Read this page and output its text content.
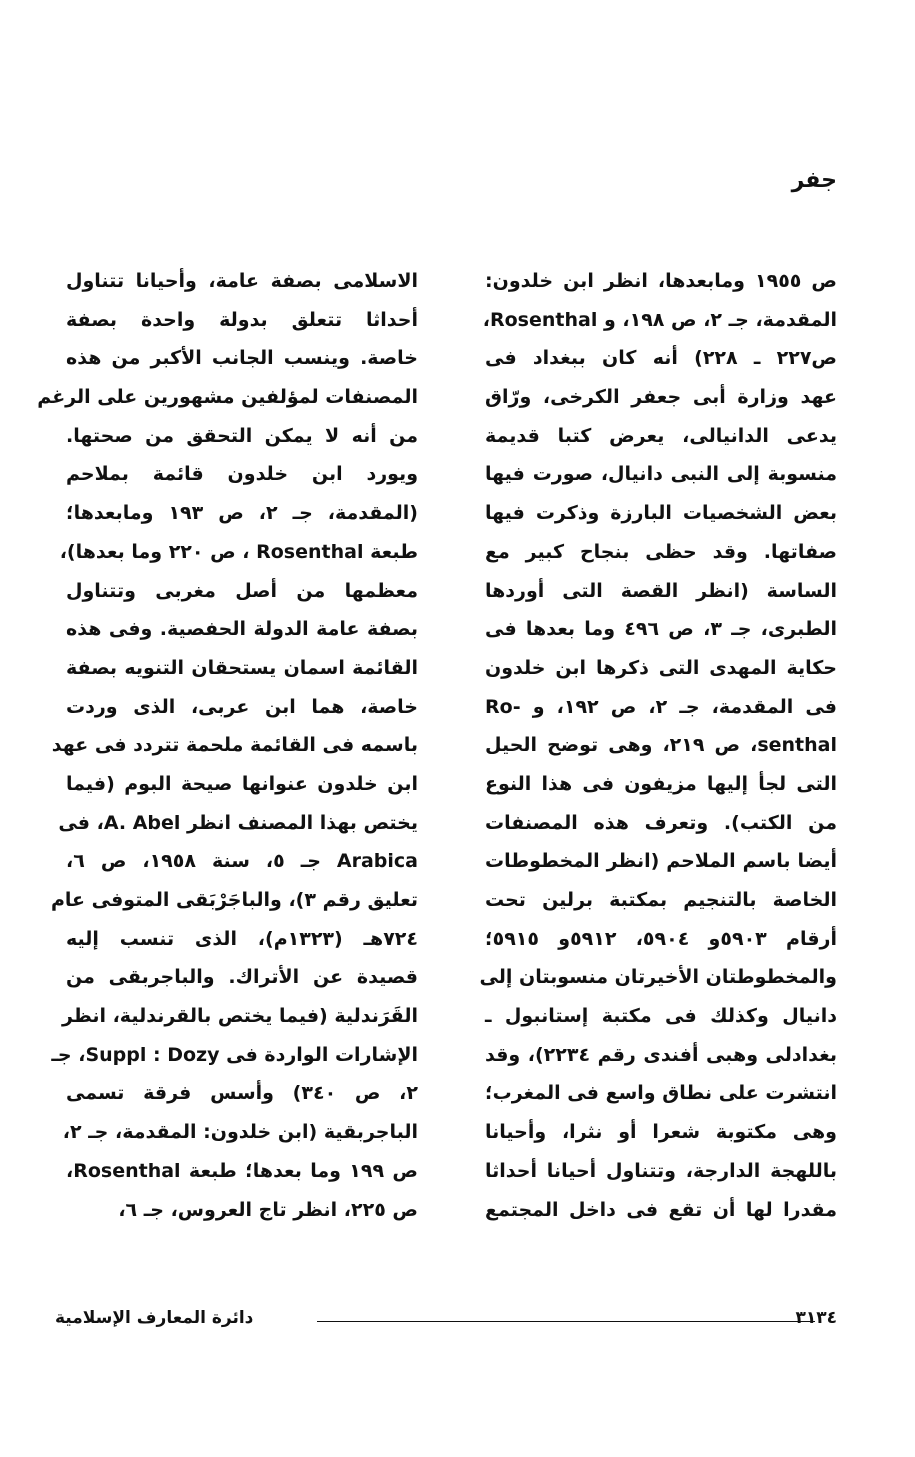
جفر
ص ١٩٥٥ ومابعدها، انظر ابن خلدون:
المقدمة، جـ ٢، ص ١٩٨، و Rosenthal،
ص٢٢٧ ـ ٢٢٨) أنه كان ببغداد فى
عهد وزارة أبى جعفر الكرخى، ورّاق
يدعى الدانيالى، يعرض كتبا قديمة
منسوبة إلى النبى دانيال، صورت فيها
بعض الشخصيات البارزة وذكرت فيها
صفاتها. وقد حظى بنجاح كبير مع
الساسة (انظر القصة التى أوردها
الطبرى، جـ ٣، ص ٤٩٦ وما بعدها فى
حكاية المهدى التى ذكرها ابن خلدون
فى المقدمة، جـ ٢، ص ١٩٢، و -Ro
senthal، ص ٢١٩، وهى توضح الحيل
التى لجأ إليها مزيفون فى هذا النوع
من الكتب). وتعرف هذه المصنفات
أيضا باسم الملاحم (انظر المخطوطات
الخاصة بالتنجيم بمكتبة برلين تحت
أرقام ٥٩٠٣و ٥٩٠٤، ٥٩١٢و ٥٩١٥؛
والمخطوطتان الأخيرتان منسوبتان إلى
دانيال وكذلك فى مكتبة إستانبول ـ
بغدادلى وهبى أفندى رقم ٢٢٣٤)، وقد
انتشرت على نطاق واسع فى المغرب؛
وهى مكتوبة شعرا أو نثرا، وأحيانا
باللهجة الدارجة، وتتناول أحيانا أحداثا
مقدرا لها أن تقع فى داخل المجتمع
الاسلامى بصفة عامة، وأحيانا تتناول
أحداثا تتعلق بدولة واحدة بصفة
خاصة. وينسب الجانب الأكبر من هذه
المصنفات لمؤلفين مشهورين على الرغم
من أنه لا يمكن التحقق من صحتها.
ويورد ابن خلدون قائمة بملاحم
(المقدمة، جـ ٢، ص ١٩٣ ومابعدها؛
طبعة Rosenthal ، ص ٢٢٠ وما بعدها)،
معظمها من أصل مغربى وتتناول
بصفة عامة الدولة الحفصية. وفى هذه
القائمة اسمان يستحقان التنويه بصفة
خاصة، هما ابن عربى، الذى وردت
باسمه فى القائمة ملحمة تتردد فى عهد
ابن خلدون عنوانها صيحة البوم (فيما
يختص بهذا المصنف انظر A. Abel، فى
Arabica جـ ٥، سنة ١٩٥٨، ص ٦،
تعليق رقم ٣)، والباجَرْبَقى المتوفى عام
٧٢٤هـ (١٣٢٣م)، الذى تنسب إليه
قصيدة عن الأتراك. والباجربقى من
القَرَندلية (فيما يختص بالقرندلية، انظر
الإشارات الواردة فى Suppl : Dozy، جـ
٢، ص ٣٤٠) وأسس فرقة تسمى
الباجربقية (ابن خلدون: المقدمة، جـ ٢،
ص ١٩٩ وما بعدها؛ طبعة Rosenthal،
ص ٢٢٥، انظر تاج العروس، جـ ٦،
دائرة المعارف الإسلامية	٣١٣٤
